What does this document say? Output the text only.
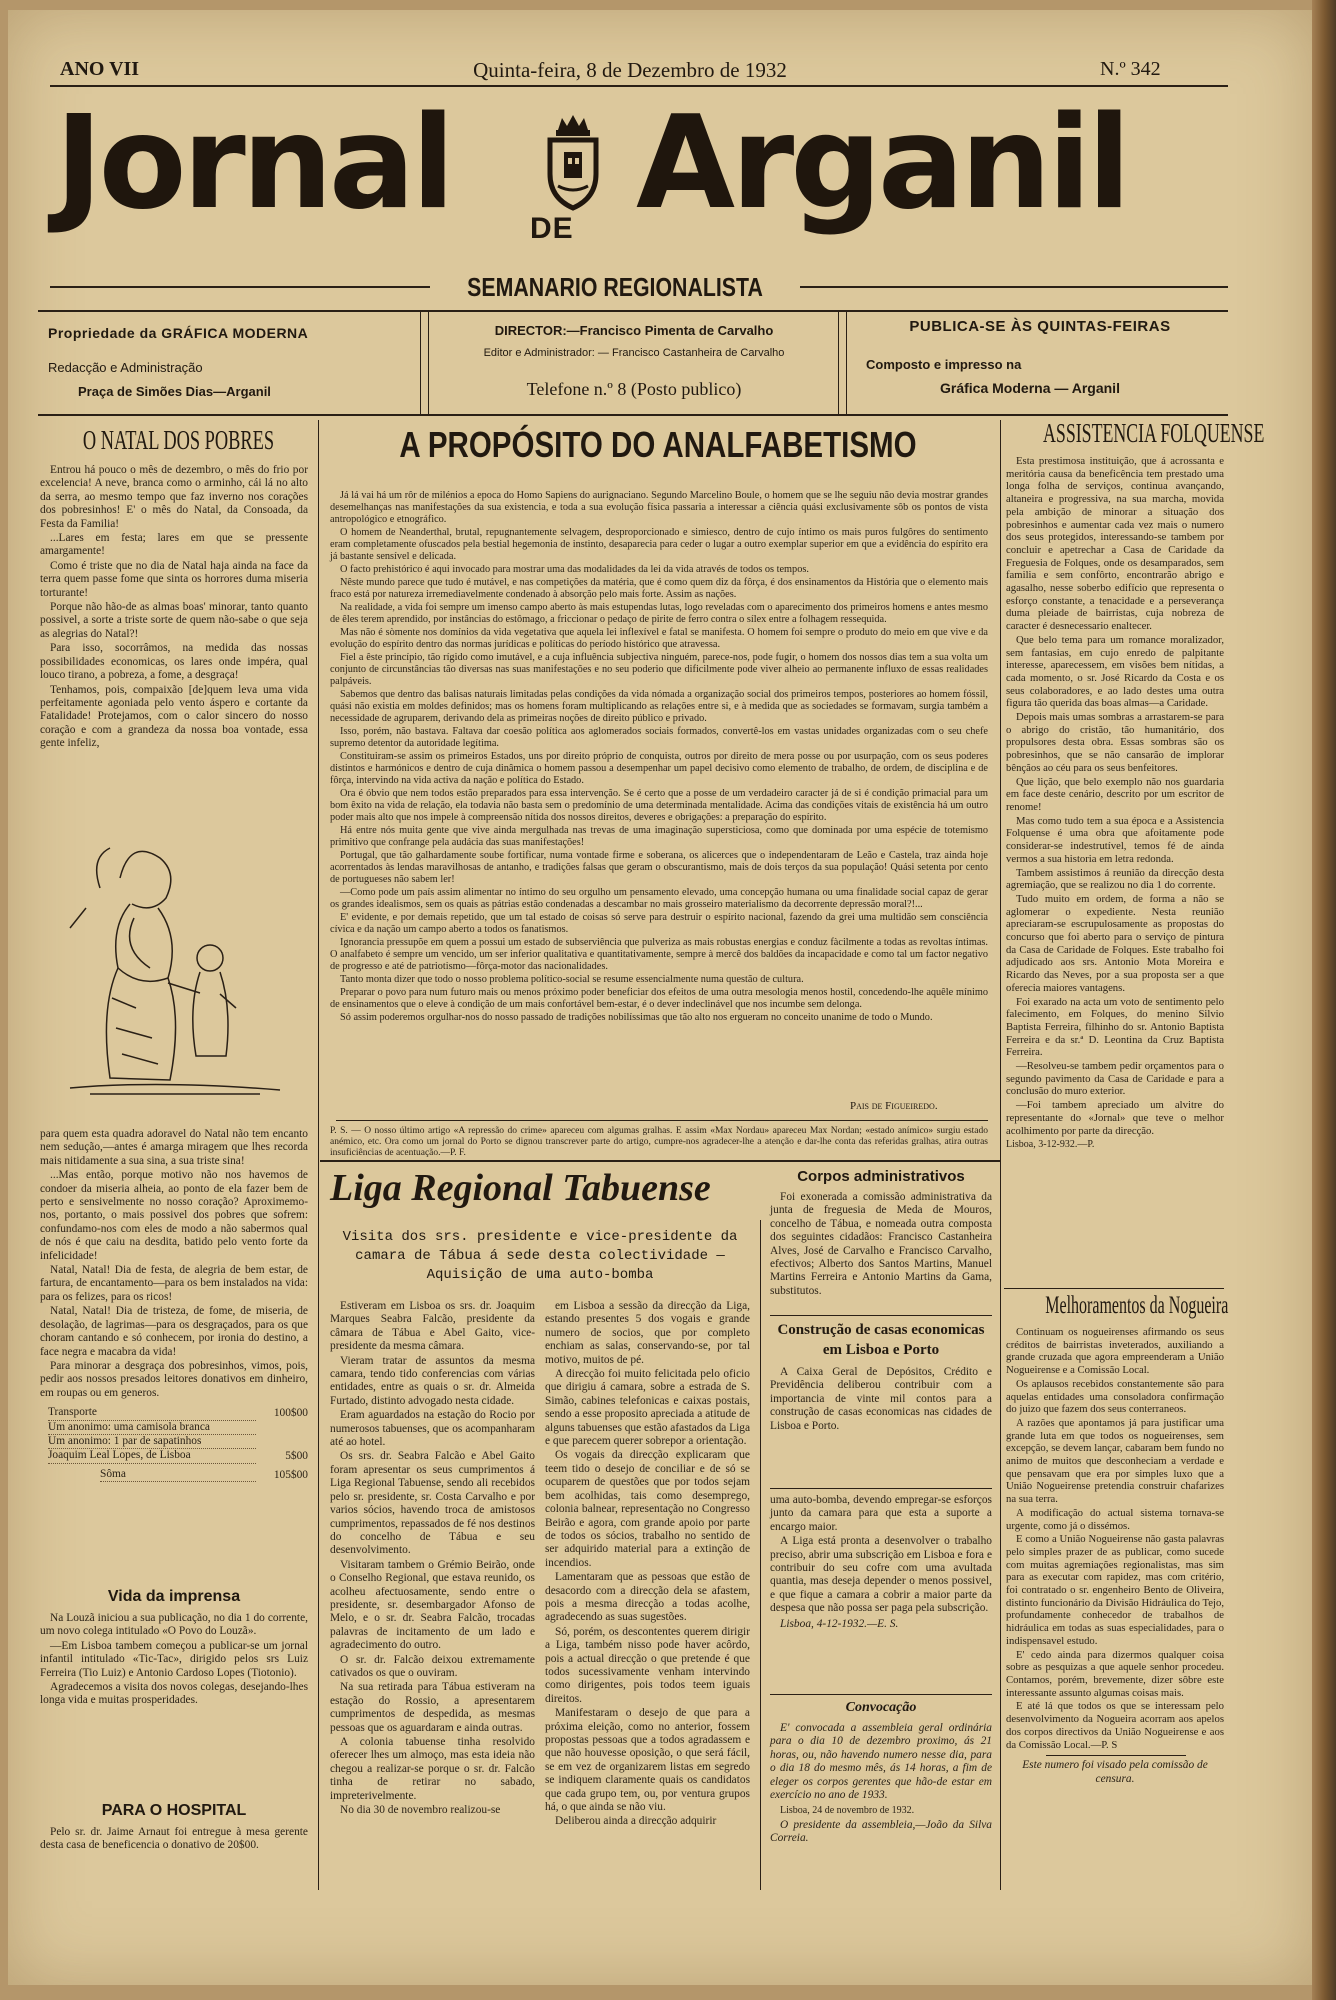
ANO VII	Quinta-feira, 8 de Dezembro de 1932	N.º 342

Jornal	DE Arganil

SEMANARIO REGIONALISTA

Propriedade da GRÁFICA MODERNA

Redacção e Administração

Praça de Simões Dias—Arganil

DIRECTOR:—Francisco Pimenta de Carvalho

Editor e Administrador: — Francisco Castanheira de Carvalho

Telefone n.º 8 (Posto publico)

PUBLICA-SE ÀS QUINTAS-FEIRAS

Composto e impresso na

Gráfica Moderna — Arganil

O NATAL DOS POBRES

Entrou há pouco o mês de dezembro, o mês do frio por excelencia! A neve, branca como o arminho, cái lá no alto da serra, ao mesmo tempo que faz inverno nos corações dos pobresinhos! E' o mês do Natal, da Consoada, da Festa da Familia!

...Lares em festa; lares em que se pressente amargamente!

Como é triste que no dia de Natal haja ainda na face da terra quem passe fome que sinta os horrores duma miseria torturante!

Porque não hão-de as almas boas' minorar, tanto quanto possivel, a sorte a triste sorte de quem não-sabe o que seja as alegrias do Natal?!

Para isso, socorrâmos, na medida das nossas possibilidades economicas, os lares onde impéra, qual louco tirano, a pobreza, a fome, a desgraça!

Tenhamos, pois, compaixão [de]quem leva uma vida perfeitamente agoniada pelo vento áspero e cortante da Fatalidade! Protejamos, com o calor sincero do nosso coração e com a grandeza da nossa boa vontade, essa gente infeliz,

para quem esta quadra adoravel do Natal não tem encanto nem sedução,—antes é amarga miragem que lhes recorda mais nitidamente a sua sina, a sua triste sina!

...Mas então, porque motivo não nos havemos de condoer da miseria alheia, ao ponto de ela fazer bem de perto e sensivelmente no nosso coração? Aproximemo-nos, portanto, o mais possivel dos pobres que sofrem: confundamo-nos com eles de modo a não sabermos qual de nós é que caiu na desdita, batido pelo vento forte da infelicidade!

Natal, Natal! Dia de festa, de alegria de bem estar, de fartura, de encantamento—para os bem instalados na vida: para os felizes, para os ricos!

Natal, Natal! Dia de tristeza, de fome, de miseria, de desolação, de lagrimas—para os desgraçados, para os que choram cantando e só conhecem, por ironia do destino, a face negra e macabra da vida!

Para minorar a desgraça dos pobresinhos, vimos, pois, pedir aos nossos presados leitores donativos em dinheiro, em roupas ou em generos.

Transporte	100$00
Um anonimo: uma camisola branca
Um anonimo: 1 par de sapatinhos
Joaquim Leal Lopes, de Lisboa	5$00
Sôma	105$00

Vida da imprensa

Na Louzã iniciou a sua publicação, no dia 1 do corrente, um novo colega intitulado «O Povo do Louzã».

—Em Lisboa tambem começou a publicar-se um jornal infantil intitulado «Tic-Tac», dirigido pelos srs Luiz Ferreira (Tio Luiz) e Antonio Cardoso Lopes (Tiotonio).

Agradecemos a visita dos novos colegas, desejando-lhes longa vida e muitas prosperidades.

PARA O HOSPITAL

Pelo sr. dr. Jaime Arnaut foi entregue à mesa gerente desta casa de beneficencia o donativo de 20$00.

A PROPÓSITO DO ANALFABETISMO

Já lá vai há um rôr de milénios a epoca do Homo Sapiens do aurignaciano. Segundo Marcelino Boule, o homem que se lhe seguiu não devia mostrar grandes desemelhanças nas manifestações da sua existencia, e toda a sua evolução física passaria a interessar a ciência quási exclusivamente sôb os pontos de vista antropológico e etnográfico.

O homem de Neanderthal, brutal, repugnantemente selvagem, desproporcionado e simiesco, dentro de cujo íntimo os mais puros fulgôres do sentimento eram completamente ofuscados pela bestial hegemonia de instinto, desaparecia para ceder o lugar a outro exemplar superior em que a evidência do espírito era já bastante sensível e delicada.

O facto prehistórico é aqui invocado para mostrar uma das modalidades da lei da vida através de todos os tempos.

Nêste mundo parece que tudo é mutável, e nas competições da matéria, que é como quem diz da fôrça, é dos ensinamentos da História que o elemento mais fraco está por natureza irremediavelmente condenado à absorção pelo mais forte. Assim as nações.

Na realidade, a vida foi sempre um imenso campo aberto às mais estupendas lutas, logo reveladas com o aparecimento dos primeiros homens e antes mesmo de êles terem aprendido, por instâncias do estômago, a friccionar o pedaço de pirite de ferro contra o sílex entre a folhagem ressequida.

Mas não é sòmente nos domínios da vida vegetativa que aquela lei inflexível e fatal se manifesta. O homem foi sempre o produto do meio em que vive e da evolução do espírito dentro das normas jurídicas e políticas do período histórico que atravessa.

Fiel a êste princípio, tão rígido como imutável, e a cuja influência subjectiva ninguém, parece-nos, pode fugir, o homem dos nossos dias tem a sua volta um conjunto de circunstâncias tão diversas nas suas manifestações e no seu poderio que dificilmente pode viver alheio ao permanente influxo de essas realidades palpáveis.

Sabemos que dentro das balisas naturais limitadas pelas condições da vida nómada a organização social dos primeiros tempos, posteriores ao homem fóssil, quási não existia em moldes definidos; mas os homens foram multiplicando as relações entre si, e à medida que as sociedades se formavam, surgia também a necessidade de agruparem, derivando dela as primeiras noções de direito público e privado.

Isso, porém, não bastava. Faltava dar coesão política aos aglomerados sociais formados, convertê-los em vastas unidades organizadas com o seu chefe supremo detentor da autoridade legítima.

Constituiram-se assim os primeiros Estados, uns por direito próprio de conquista, outros por direito de mera posse ou por usurpação, com os seus poderes distintos e harmónicos e dentro de cuja dinâmica o homem passou a desempenhar um papel decisivo como elemento de trabalho, de ordem, de disciplina e de fôrça, intervindo na vida activa da nação e política do Estado.

Ora é óbvio que nem todos estão preparados para essa intervenção. Se é certo que a posse de um verdadeiro caracter já de si é condição primacial para um bom êxito na vida de relação, ela todavia não basta sem o predomínio de uma determinada mentalidade. Acima das condições vitais de existência há um outro poder mais alto que nos impele à compreensão nítida dos nossos direitos, deveres e obrigações: a preparação do espírito.

Há entre nós muita gente que vive ainda mergulhada nas trevas de uma imaginação supersticiosa, como que dominada por uma espécie de totemismo primitivo que confrange pela audácia das suas manifestações!

Portugal, que tão galhardamente soube fortificar, numa vontade firme e soberana, os alicerces que o independentaram de Leão e Castela, traz ainda hoje acorrentados às lendas maravilhosas de antanho, e tradições falsas que geram o obscurantismo, mais de dois terços da sua população! Quási setenta por cento de portugueses não sabem ler!

—Como pode um país assim alimentar no íntimo do seu orgulho um pensamento elevado, uma concepção humana ou uma finalidade social capaz de gerar os grandes idealismos, sem os quais as pátrias estão condenadas a descambar no mais grosseiro materialismo da decorrente depressão moral?!...

E' evidente, e por demais repetido, que um tal estado de coisas só serve para destruir o espírito nacional, fazendo da grei uma multidão sem consciência cívica e da nação um campo aberto a todos os fanatismos.

Ignorancia pressupõe em quem a possui um estado de subserviência que pulveriza as mais robustas energias e conduz fàcilmente a todas as revoltas íntimas. O analfabeto é sempre um vencido, um ser inferior qualitativa e quantitativamente, sempre à mercê dos baldões da incapacidade e como tal um factor negativo de progresso e até de patriotismo—fôrça-motor das nacionalidades.

Tanto monta dizer que todo o nosso problema político-social se resume essencialmente numa questão de cultura.

Preparar o povo para num futuro mais ou menos próximo poder beneficiar dos efeitos de uma outra mesologia menos hostil, concedendo-lhe aquêle mínimo de ensinamentos que o eleve à condição de um mais confortável bem-estar, é o dever indeclinável que nos incumbe sem delonga.

Só assim poderemos orgulhar-nos do nosso passado de tradições nobilíssimas que tão alto nos ergueram no conceito unanime de todo o Mundo.

Pais de Figueiredo.

P. S. — O nosso último artigo «A repressão do crime» apareceu com algumas gralhas. E assim «Max Nordau» apareceu Max Nordan; «estado anímico» surgiu estado anémico, etc. Ora como um jornal do Porto se dignou transcrever parte do artigo, cumpre-nos agradecer-lhe a atenção e dar-lhe conta das referidas gralhas, atira outras insuficiências de acentuação.—P. F.

Liga Regional Tabuense

Visita dos srs. presidente e vice-presidente da camara de Tábua á sede desta colectividade —Aquisição de uma auto-bomba

Estiveram em Lisboa os srs. dr. Joaquim Marques Seabra Falcão, presidente da câmara de Tábua e Abel Gaito, vice-presidente da mesma câmara.

Vieram tratar de assuntos da mesma camara, tendo tido conferencias com várias entidades, entre as quais o sr. dr. Almeida Furtado, distinto advogado nesta cidade.

Eram aguardados na estação do Rocio por numerosos tabuenses, que os acompanharam até ao hotel.

Os srs. dr. Seabra Falcão e Abel Gaito foram apresentar os seus cumprimentos á Liga Regional Tabuense, sendo ali recebidos pelo sr. presidente, sr. Costa Carvalho e por varios sócios, havendo troca de amistosos cumprimentos, repassados de fé nos destinos do concelho de Tábua e seu desenvolvimento.

Visitaram tambem o Grémio Beirão, onde o Conselho Regional, que estava reunido, os acolheu afectuosamente, sendo entre o presidente, sr. desembargador Afonso de Melo, e o sr. dr. Seabra Falcão, trocadas palavras de incitamento de um lado e agradecimento do outro.

O sr. dr. Falcão deixou extremamente cativados os que o ouviram.

Na sua retirada para Tábua estiveram na estação do Rossio, a apresentarem cumprimentos de despedida, as mesmas pessoas que os aguardaram e ainda outras.

A colonia tabuense tinha resolvido oferecer lhes um almoço, mas esta ideia não chegou a realizar-se porque o sr. dr. Falcão tinha de retirar no sabado, impreterivelmente.

No dia 30 de novembro realizou-se

em Lisboa a sessão da direcção da Liga, estando presentes 5 dos vogais e grande numero de socios, que por completo enchiam as salas, conservando-se, por tal motivo, muitos de pé.

A direcção foi muito felicitada pelo oficio que dirigiu á camara, sobre a estrada de S. Simão, cabines telefonicas e caixas postais, sendo a esse proposito apreciada a atitude de alguns tabuenses que estão afastados da Liga e que parecem querer sobrepor a orientação.

Os vogais da direcção explicaram que teem tido o desejo de conciliar e de só se ocuparem de questões que por todos sejam bem acolhidas, tais como desemprego, colonia balnear, representação no Congresso Beirão e agora, com grande apoio por parte de todos os sócios, trabalho no sentido de ser adquirido material para a extinção de incendios.

Lamentaram que as pessoas que estão de desacordo com a direcção dela se afastem, pois a mesma direcção a todas acolhe, agradecendo as suas sugestões.

Só, porém, os descontentes querem dirigir a Liga, também nisso pode haver acôrdo, pois a actual direcção o que pretende é que todos sucessivamente venham intervindo como dirigentes, pois todos teem iguais direitos.

Manifestaram o desejo de que para a próxima eleição, como no anterior, fossem propostas pessoas que a todos agradassem e que não houvesse oposição, o que será fácil, se em vez de organizarem listas em segredo se indiquem claramente quais os candidatos que cada grupo tem, ou, por ventura grupos há, o que ainda se não viu.

Deliberou ainda a direcção adquirir

Corpos administrativos

Foi exonerada a comissão administrativa da junta de freguesia de Meda de Mouros, concelho de Tábua, e nomeada outra composta dos seguintes cidadãos: Francisco Castanheira Alves, José de Carvalho e Francisco Carvalho, efectivos; Alberto dos Santos Martins, Manuel Martins Ferreira e Antonio Martins da Gama, substitutos.

Construção de casas economicas em Lisboa e Porto

A Caixa Geral de Depósitos, Crédito e Previdência deliberou contribuir com a importancia de vinte mil contos para a construção de casas economicas nas cidades de Lisboa e Porto.

uma auto-bomba, devendo empregar-se esforços junto da camara para que esta a suporte a encargo maior.

A Liga está pronta a desenvolver o trabalho preciso, abrir uma subscrição em Lisboa e fora e contribuir do seu cofre com uma avultada quantia, mas deseja depender o menos possivel, e que fique a camara a cobrir a maior parte da despesa que não possa ser paga pela subscrição.

Lisboa, 4-12-1932.—E. S.

Convocação

E' convocada a assembleia geral ordinária para o dia 10 de dezembro proximo, ás 21 horas, ou, não havendo numero nesse dia, para o dia 18 do mesmo mês, ás 14 horas, a fim de eleger os corpos gerentes que hão-de estar em exercício no ano de 1933.

Lisboa, 24 de novembro de 1932.

O presidente da assembleia,—João da Silva Correia.

ASSISTENCIA FOLQUENSE

Esta prestimosa instituição, que á acrossanta e meritória causa da beneficência tem prestado uma longa folha de serviços, continua avançando, altaneira e progressiva, na sua marcha, movida pela ambição de minorar a situação dos pobresinhos e aumentar cada vez mais o numero dos seus protegidos, interessando-se tambem por concluir e apetrechar a Casa de Caridade da Freguesia de Folques, onde os desamparados, sem familia e sem confôrto, encontrarão abrigo e agasalho, nesse soberbo edifício que representa o esforço constante, a tenacidade e a perseverança duma pleiade de bairristas, cuja nobreza de caracter é desnecessario enaltecer.

Que belo tema para um romance moralizador, sem fantasias, em cujo enredo de palpitante interesse, aparecessem, em visões bem nítidas, a cada momento, o sr. José Ricardo da Costa e os seus colaboradores, e ao lado destes uma outra figura tão querida das boas almas—a Caridade.

Depois mais umas sombras a arrastarem-se para o abrigo do cristão, tão humanitário, dos propulsores desta obra. Essas sombras são os pobresinhos, que se não cansarão de implorar bênçãos ao céu para os seus benfeitores.

Que lição, que belo exemplo não nos guardaria em face deste cenário, descrito por um escritor de renome!

Mas como tudo tem a sua época e a Assistencia Folquense é uma obra que afoitamente pode considerar-se indestrutível, temos fé de ainda vermos a sua historia em letra redonda.

Tambem assistimos á reunião da direcção desta agremiação, que se realizou no dia 1 do corrente.

Tudo muito em ordem, de forma a não se aglomerar o expediente. Nesta reunião apreciaram-se escrupulosamente as propostas do concurso que foi aberto para o serviço de pintura da Casa de Caridade de Folques. Este trabalho foi adjudicado aos srs. Antonio Mota Moreira e Ricardo das Neves, por a sua proposta ser a que oferecia maiores vantagens.

Foi exarado na acta um voto de sentimento pelo falecimento, em Folques, do menino Silvio Baptista Ferreira, filhinho do sr. Antonio Baptista Ferreira e da sr.ª D. Leontina da Cruz Baptista Ferreira.

—Resolveu-se tambem pedir orçamentos para o segundo pavimento da Casa de Caridade e para a conclusão do muro exterior.

—Foi tambem apreciado um alvitre do representante do «Jornal» que teve o melhor acolhimento por parte da direcção.

Lisboa, 3-12-932.—P.

Melhoramentos da Nogueira

Continuam os nogueirenses afirmando os seus créditos de bairristas inveterados, auxiliando a grande cruzada que agora empreenderam a União Nogueirense e a Comissão Local.

Os aplausos recebidos constantemente são para aquelas entidades uma consoladora confirmação do juizo que fazem dos seus conterraneos.

A razões que apontamos já para justificar uma grande luta em que todos os nogueirenses, sem excepção, se devem lançar, cabaram bem fundo no animo de muitos que desconheciam a verdade e que pensavam que era por simples luxo que a União Nogueirense pretendia construir chafarizes na sua terra.

A modificação do actual sistema tornava-se urgente, como já o dissémos.

E como a União Nogueirense não gasta palavras pelo simples prazer de as publicar, como sucede com muitas agremiações regionalistas, mas sim para as executar com rapidez, mas com critério, foi contratado o sr. engenheiro Bento de Oliveira, distinto funcionário da Divisão Hidráulica do Tejo, profundamente conhecedor de trabalhos de hidráulica em todas as suas especialidades, para o indispensavel estudo.

E' cedo ainda para dizermos qualquer coisa sobre as pesquizas a que aquele senhor procedeu. Contamos, porém, brevemente, dizer sôbre este interessante assunto algumas coisas mais.

E até lá que todos os que se interessam pelo desenvolvimento da Nogueira acorram aos apelos dos corpos directivos da União Nogueirense e aos da Comissão Local.—P. S

Este numero foi visado pela comissão de censura.
